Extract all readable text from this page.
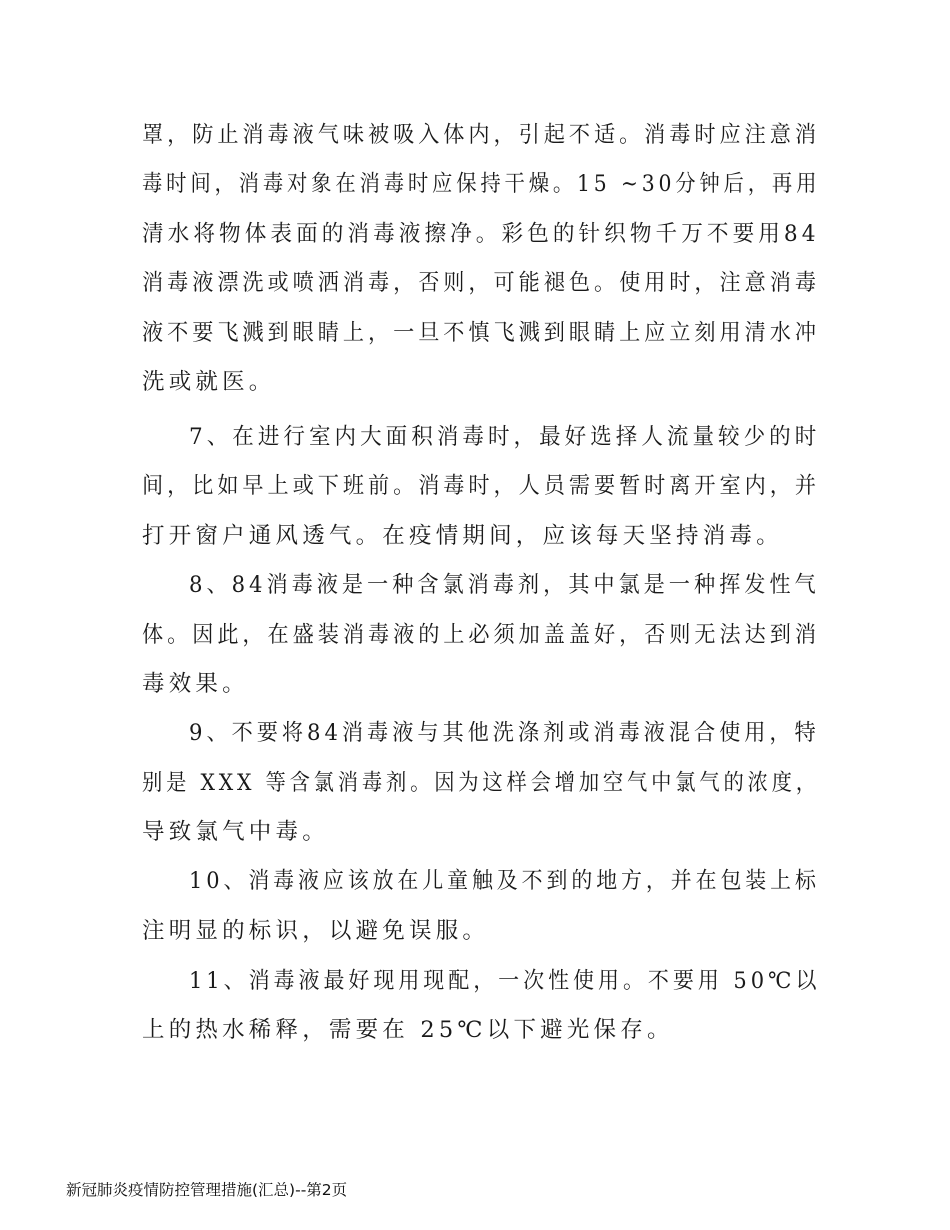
罩，防止消毒液气味被吸入体内，引起不适。消毒时应注意消
毒时间，消毒对象在消毒时应保持干燥。15 ~30分钟后，再用
清水将物体表面的消毒液擦净。彩色的针织物千万不要用84
消毒液漂洗或喷洒消毒，否则，可能褪色。使用时，注意消毒
液不要飞溅到眼睛上，一旦不慎飞溅到眼睛上应立刻用清水冲
洗或就医。
7、在进行室内大面积消毒时，最好选择人流量较少的时
间，比如早上或下班前。消毒时，人员需要暂时离开室内，并
打开窗户通风透气。在疫情期间，应该每天坚持消毒。
8、84消毒液是一种含氯消毒剂，其中氯是一种挥发性气
体。因此，在盛装消毒液的上必须加盖盖好，否则无法达到消
毒效果。
9、不要将84消毒液与其他洗涤剂或消毒液混合使用，特
别是 XXX 等含氯消毒剂。因为这样会增加空气中氯气的浓度，
导致氯气中毒。
10、消毒液应该放在儿童触及不到的地方，并在包装上标
注明显的标识，以避免误服。
11、消毒液最好现用现配，一次性使用。不要用 50℃以
上的热水稀释，需要在 25℃以下避光保存。
新冠肺炎疫情防控管理措施(汇总)--第2页
